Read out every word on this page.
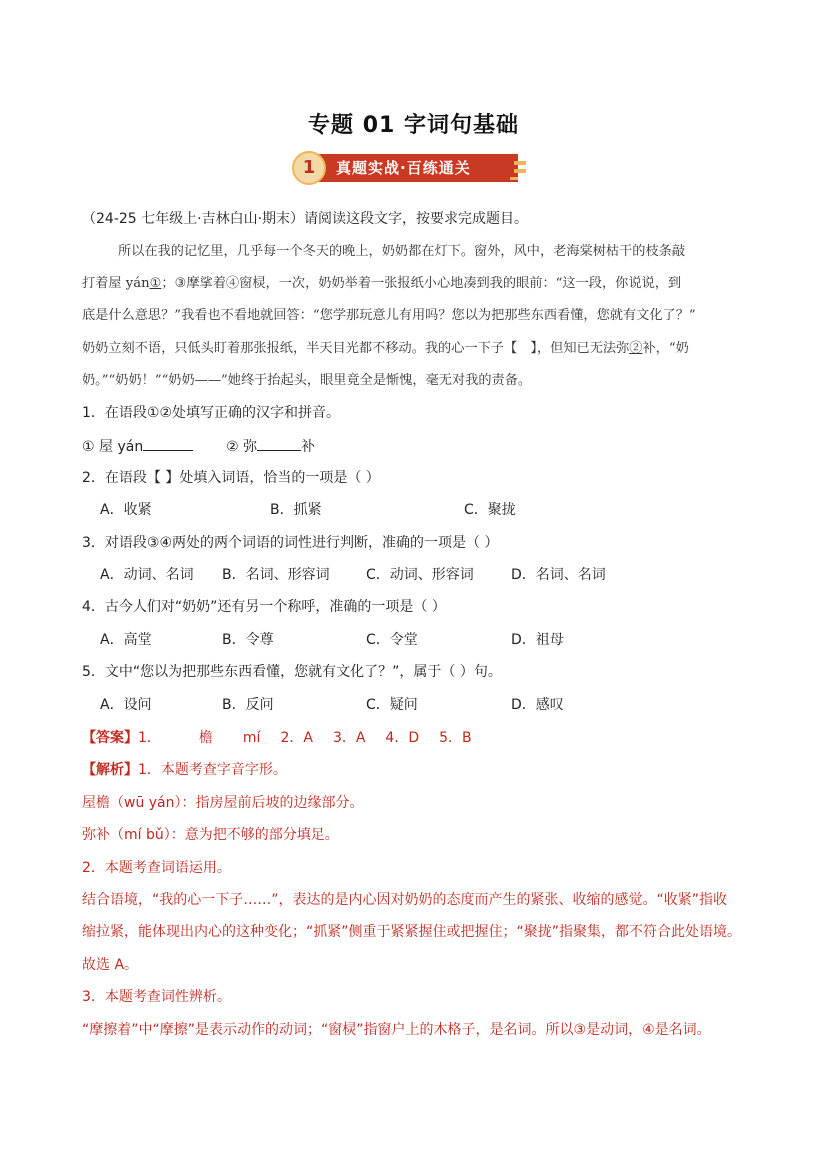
专题 01 字词句基础
真题实战·百练通关
1
（24-25 七年级上·吉林白山·期末）请阅读这段文字，按要求完成题目。
所以在我的记忆里，几乎每一个冬天的晚上，奶奶都在灯下。窗外，风中，老海棠树枯干的枝条敲
打着屋 yán①；③摩挲着④窗棂，一次，奶奶举着一张报纸小心地凑到我的眼前：“这一段，你说说，到
底是什么意思？”我看也不看地就回答：“您学那玩意儿有用吗？您以为把那些东西看懂，您就有文化了？”
奶奶立刻不语，只低头盯着那张报纸，半天目光都不移动。我的心一下子【　】，但知已无法弥②补，“奶
奶。”“奶奶！”“奶奶——”她终于抬起头，眼里竟全是惭愧，毫无对我的责备。
1．在语段①②处填写正确的汉字和拼音。
① 屋 yán	② 弥	补
2．在语段【 】处填入词语，恰当的一项是（ ）
A．收紧	B．抓紧	C．聚拢
3．对语段③④两处的两个词语的词性进行判断，准确的一项是（ ）
A．动词、名词 B．名词、形容词	C．动词、形容词	D．名词、名词
4．古今人们对“奶奶”还有另一个称呼，准确的一项是（ ）
A．高堂	B．令尊	C．令堂	D．祖母
5．文中“您以为把那些东西看懂，您就有文化了？”，属于（ ）句。
A．设问	B．反问	C．疑问	D．感叹
【答案】1．	檐 mí 2．A 3．A 4．D 5．B
【解析】1．本题考查字音字形。
屋檐（wū yán）：指房屋前后坡的边缘部分。
弥补（mí bǔ）：意为把不够的部分填足。
2．本题考查词语运用。
结合语境，“我的心一下子……”，表达的是内心因对奶奶的态度而产生的紧张、收缩的感觉。“收紧”指收
缩拉紧，能体现出内心的这种变化；“抓紧”侧重于紧紧握住或把握住；“聚拢”指聚集，都不符合此处语境。
故选 A。
3．本题考查词性辨析。
“摩擦着”中“摩擦”是表示动作的动词；“窗棂”指窗户上的木格子，是名词。所以③是动词，④是名词。
